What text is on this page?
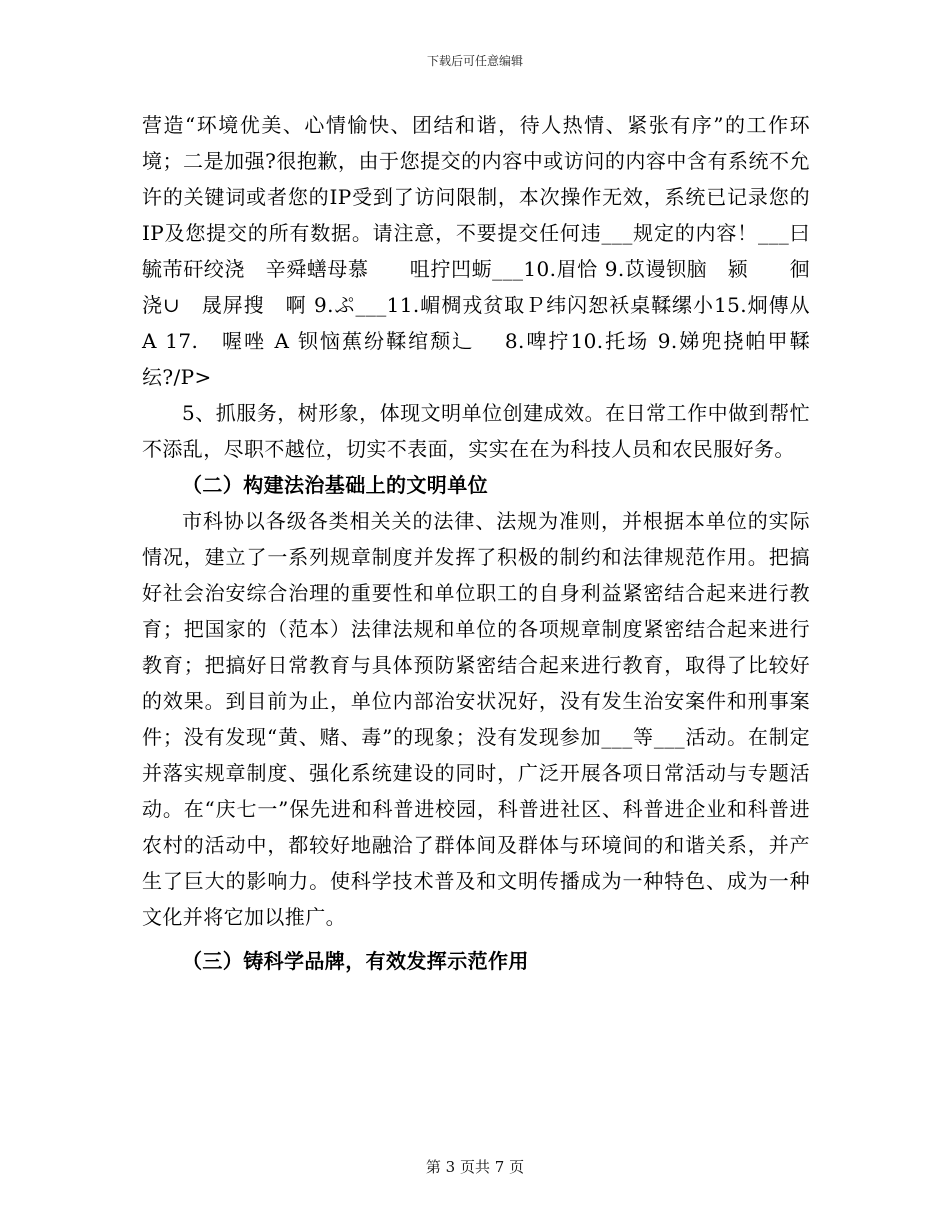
下载后可任意编辑

营造“环境优美、心情愉快、团结和谐，待人热情、紧张有序”的工作环境；二是加强?很抱歉，由于您提交的内容中或访问的内容中含有系统不允许的关键词或者您的IP受到了访问限制，本次操作无效，系统已记录您的IP及您提交的所有数据。请注意，不要提交任何违___规定的内容！___曰　毓芾矸绞浇　辛舜蟮母慕　　咀拧凹蛎___10.眉恰 9.苡谩钡脑　颍　　徊浇∪　晟屏搜　啊 9.ぷ___11.嵋椆戎贫取Ｐ纬闪恕袄桌鞣缧小15.炯傳从 A 17.　喔唑 A 钡恼蕉纷鞣绾颓辶　 8.啤拧10.托场 9.娣兜挠帕甲鞣纭?/P>

5、抓服务，树形象，体现文明单位创建成效。在日常工作中做到帮忙不添乱，尽职不越位，切实不表面，实实在在为科技人员和农民服好务。

（二）构建法治基础上的文明单位

市科协以各级各类相关关的法律、法规为准则，并根据本单位的实际情况，建立了一系列规章制度并发挥了积极的制约和法律规范作用。把搞好社会治安综合治理的重要性和单位职工的自身利益紧密结合起来进行教育；把国家的（范本）法律法规和单位的各项规章制度紧密结合起来进行教育；把搞好日常教育与具体预防紧密结合起来进行教育，取得了比较好的效果。到目前为止，单位内部治安状况好，没有发生治安案件和刑事案件；没有发现“黄、赌、毒”的现象；没有发现参加___等___活动。在制定并落实规章制度、强化系统建设的同时，广泛开展各项日常活动与专题活动。在“庆七一”保先进和科普进校园，科普进社区、科普进企业和科普进农村的活动中，都较好地融洽了群体间及群体与环境间的和谐关系，并产生了巨大的影响力。使科学技术普及和文明传播成为一种特色、成为一种文化并将它加以推广。

（三）铸科学品牌，有效发挥示范作用

第 3 页共 7 页
